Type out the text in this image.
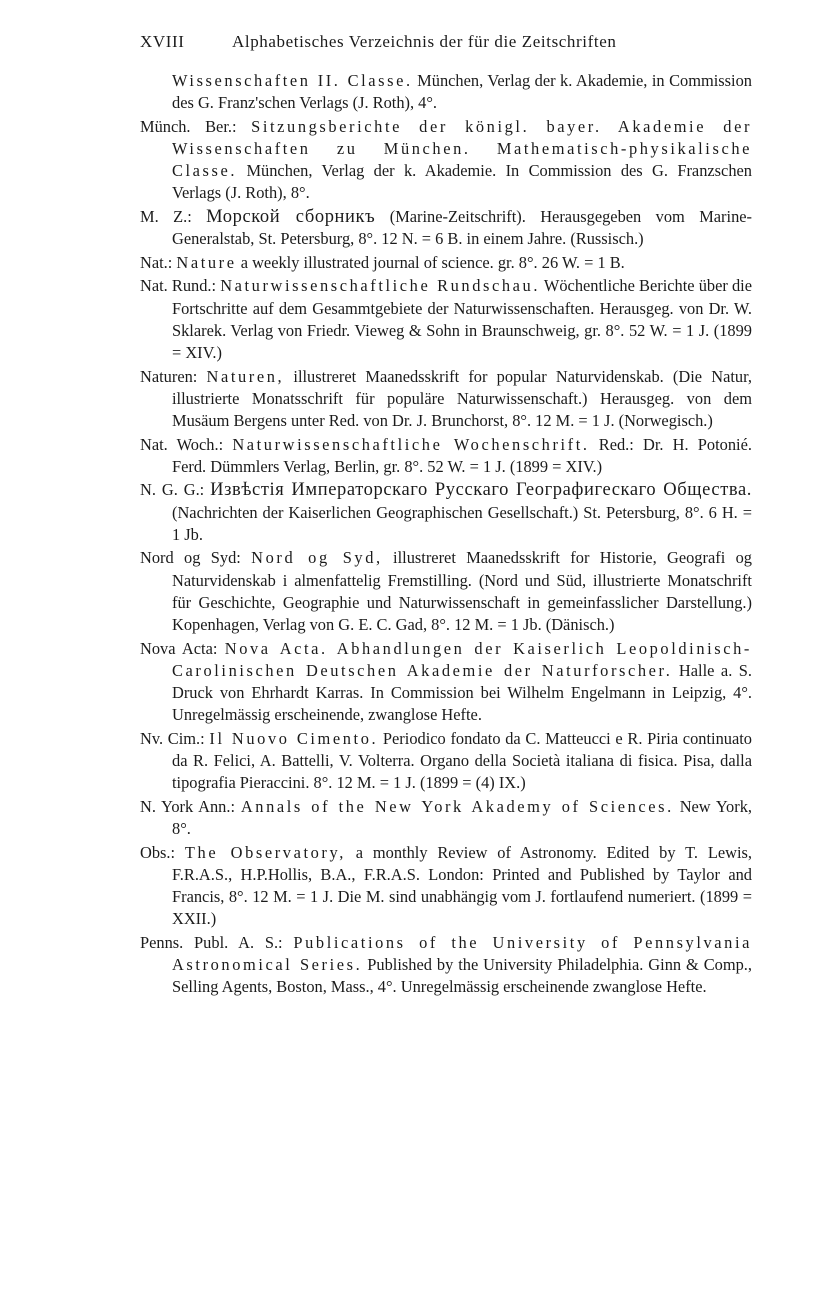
XVIII	Alphabetisches Verzeichnis der für die Zeitschriften

Wissenschaften II. Classe. München, Verlag der k. Akademie, in Commission des G. Franz'schen Verlags (J. Roth), 4°.

Münch. Ber.: Sitzungsberichte der königl. bayer. Akademie der Wissenschaften zu München. Mathematisch-physikalische Classe. München, Verlag der k. Akademie. In Commission des G. Franzschen Verlags (J. Roth), 8°.

M. Z.: Морской сборникъ (Marine-Zeitschrift). Herausgegeben vom Marine-Generalstab, St. Petersburg, 8°. 12 N. = 6 B. in einem Jahre. (Russisch.)

Nat.: Nature a weekly illustrated journal of science. gr. 8°. 26 W. = 1 B.

Nat. Rund.: Naturwissenschaftliche Rundschau. Wöchentliche Berichte über die Fortschritte auf dem Gesammtgebiete der Naturwissenschaften. Herausgeg. von Dr. W. Sklarek. Verlag von Friedr. Vieweg & Sohn in Braunschweig, gr. 8°. 52 W. = 1 J. (1899 = XIV.)

Naturen: Naturen, illustreret Maanedsskrift for popular Naturvidenskab. (Die Natur, illustrierte Monatsschrift für populäre Naturwissenschaft.) Herausgeg. von dem Musäum Bergens unter Red. von Dr. J. Brunchorst, 8°. 12 M. = 1 J. (Norwegisch.)

Nat. Woch.: Naturwissenschaftliche Wochenschrift. Red.: Dr. H. Potonié. Ferd. Dümmlers Verlag, Berlin, gr. 8°. 52 W. = 1 J. (1899 = XIV.)

N. G. G.: Извѣстія Императорскаго Русскаго Географигескаго Общества. (Nachrichten der Kaiserlichen Geographischen Gesellschaft.) St. Petersburg, 8°. 6 H. = 1 Jb.

Nord og Syd: Nord og Syd, illustreret Maanedsskrift for Historie, Geografi og Naturvidenskab i almenfattelig Fremstilling. (Nord und Süd, illustrierte Monatschrift für Geschichte, Geographie und Naturwissenschaft in gemeinfasslicher Darstellung.) Kopenhagen, Verlag von G. E. C. Gad, 8°. 12 M. = 1 Jb. (Dänisch.)

Nova Acta: Nova Acta. Abhandlungen der Kaiserlich Leopoldinisch-Carolinischen Deutschen Akademie der Naturforscher. Halle a. S. Druck von Ehrhardt Karras. In Commission bei Wilhelm Engelmann in Leipzig, 4°. Unregelmässig erscheinende, zwanglose Hefte.

Nv. Cim.: Il Nuovo Cimento. Periodico fondato da C. Matteucci e R. Piria continuato da R. Felici, A. Battelli, V. Volterra. Organo della Società italiana di fisica. Pisa, dalla tipografia Pieraccini. 8°. 12 M. = 1 J. (1899 = (4) IX.)

N. York Ann.: Annals of the New York Akademy of Sciences. New York, 8°.

Obs.: The Observatory, a monthly Review of Astronomy. Edited by T. Lewis, F.R.A.S., H.P.Hollis, B.A., F.R.A.S. London: Printed and Published by Taylor and Francis, 8°. 12 M. = 1 J. Die M. sind unabhängig vom J. fortlaufend numeriert. (1899 = XXII.)

Penns. Publ. A. S.: Publications of the University of Pennsylvania Astronomical Series. Published by the University Philadelphia. Ginn & Comp., Selling Agents, Boston, Mass., 4°. Unregelmässig erscheinende zwanglose Hefte.
